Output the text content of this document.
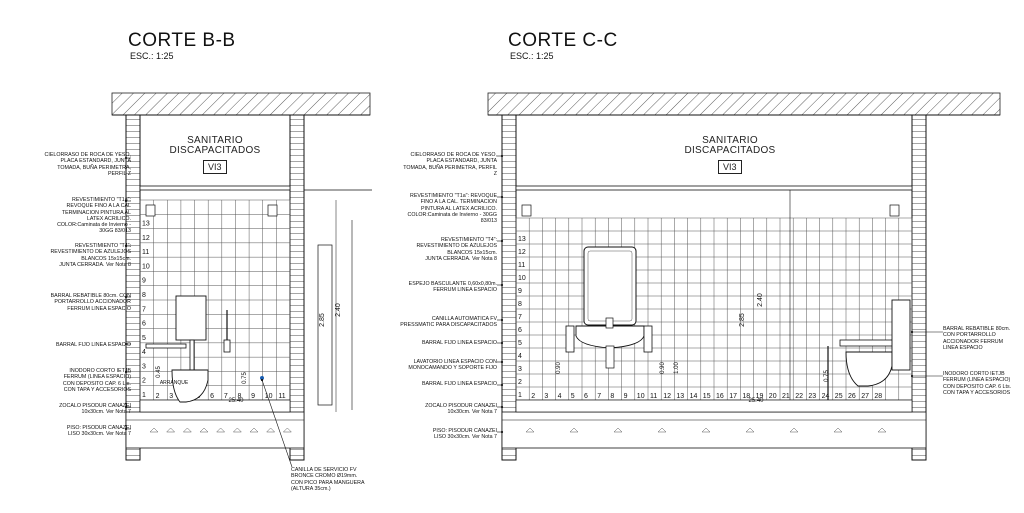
1
2
3
4
5
6
7
8
9
10
11
12
13
2 3	6 7 8 9 10 11
2.85
2.40
0.45
0.75
25.40
ARRANQUE
1
2
3
4
5
6
7
8
9
10
11
12
13
2 3 4 5 6 7 8 9 10 11 12 13 14 15 16 17 18 19 20 21 22 23 24 25 26 27 28
2.85
2.40
0.90	0.90 1.00
0.75
25.40
CORTE B-B
ESC.: 1:25
SANITARIO
DISCAPACITADOS
VI3
CIELORRASO DE ROCA DE YESO,
PLACA ESTANDARD, JUNTA
TOMADA, BUÑA PERIMETRA,
PERFIL Z
REVESTIMIENTO "T1a":
REVOQUE FINO A LA CAL
TERMINACION PINTURA AL
LATEX ACRILICO.
COLOR:Caminata de Invierno -
30GG 83/013
REVESTIMIENTO "T4":
REVESTIMIENTO DE AZULEJOS
BLANCOS 15x15cm.
JUNTA CERRADA. Ver Nota 8
BARRAL REBATIBLE 80cm. CON
PORTARROLLO ACCIONADOR
FERRUM LINEA ESPACIO
BARRAL FIJO LINEA ESPACIO
INODORO CORTO IETJB
FERRUM (LINEA ESPACIO)
CON DEPOSITO CAP. 6 Lts.
CON TAPA Y ACCESORIOS
ZOCALO PISODUR CANAZEI
10x30cm. Ver Nota 7
PISO: PISODUR CANAZEI
LISO 30x30cm. Ver Nota 7
CANILLA DE SERVICIO FV
BRONCE CROMO Ø19mm.
CON PICO PARA MANGUERA
(ALTURA 35cm.)
CORTE C-C
ESC.: 1:25
SANITARIO
DISCAPACITADOS
VI3
CIELORRASO DE ROCA DE YESO,
PLACA ESTANDARD, JUNTA
TOMADA, BUÑA PERIMETRA, PERFIL
Z
REVESTIMIENTO "T1a": REVOQUE
FINO A LA CAL. TERMINACION
PINTURA AL LATEX ACRILICO.
COLOR:Caminata de Invierno - 30GG
83/013
REVESTIMIENTO "T4":
REVESTIMIENTO DE AZULEJOS
BLANCOS 15x15cm.
JUNTA CERRADA. Ver Nota 8
ESPEJO BASCULANTE 0,60x0,80m.
FERRUM LINEA ESPACIO
CANILLA AUTOMATICA FV
PRESSMATIC PARA DISCAPACITADOS
BARRAL FIJO LINEA ESPACIO
LAVATORIO LINEA ESPACIO CON
MONOCAMANDO Y SOPORTE FIJO
BARRAL FIJO LINEA ESPACIO
ZOCALO PISODUR CANAZEI
10x30cm. Ver Nota 7
PISO: PISODUR CANAZEI
LISO 30x30cm. Ver Nota 7
BARRAL REBATIBLE 80cm.
CON PORTARROLLO
ACCIONADOR FERRUM
LINEA ESPACIO
INODORO CORTO IETJB
FERRUM (LINEA ESPACIO)
CON DEPOSITO CAP. 6 Lts.
CON TAPA Y ACCESORIOS
